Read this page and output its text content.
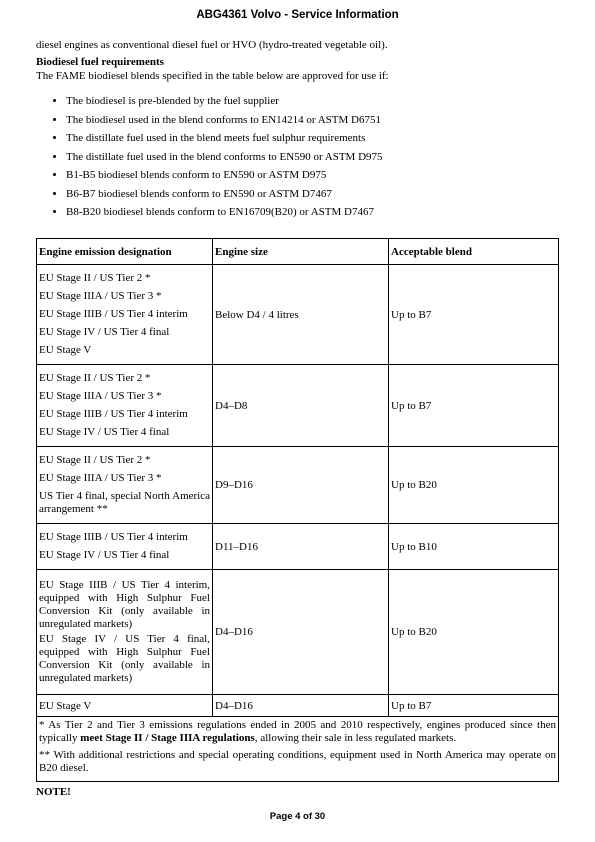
ABG4361 Volvo - Service Information

diesel engines as conventional diesel fuel or HVO (hydro-treated vegetable oil).

Biodiesel fuel requirements

The FAME biodiesel blends specified in the table below are approved for use if:

• The biodiesel is pre-blended by the fuel supplier
• The biodiesel used in the blend conforms to EN14214 or ASTM D6751
• The distillate fuel used in the blend meets fuel sulphur requirements
• The distillate fuel used in the blend conforms to EN590 or ASTM D975
• B1-B5 biodiesel blends conform to EN590 or ASTM D975
• B6-B7 biodiesel blends conform to EN590 or ASTM D7467
• B8-B20 biodiesel blends conform to EN16709(B20) or ASTM D7467
Engine emission designation	Engine size	Acceptable blend

EU Stage II / US Tier 2 *
EU Stage IIIA / US Tier 3 *
EU Stage IIIB / US Tier 4 interim
EU Stage IV / US Tier 4 final
EU Stage V	Below D4 / 4 litres	Up to B7

EU Stage II / US Tier 2 *
EU Stage IIIA / US Tier 3 *
EU Stage IIIB / US Tier 4 interim
EU Stage IV / US Tier 4 final	D4–D8	Up to B7

EU Stage II / US Tier 2 *
EU Stage IIIA / US Tier 3 *
US Tier 4 final, special North America arrangement **	D9–D16	Up to B20

EU Stage IIIB / US Tier 4 interim
EU Stage IV / US Tier 4 final	D11–D16	Up to B10

EU Stage IIIB / US Tier 4 interim, equipped with High Sulphur Fuel Conversion Kit (only available in unregulated markets)
EU Stage IV / US Tier 4 final, equipped with High Sulphur Fuel Conversion Kit (only available in unregulated markets)	D4–D16	Up to B20
EU Stage V	D4–D16	Up to B7

* As Tier 2 and Tier 3 emissions regulations ended in 2005 and 2010 respectively, engines produced since then typically meet Stage II / Stage IIIA regulations, allowing their sale in less regulated markets.
** With additional restrictions and special operating conditions, equipment used in North America may operate on B20 diesel.		
NOTE!
Page 4 of 30
